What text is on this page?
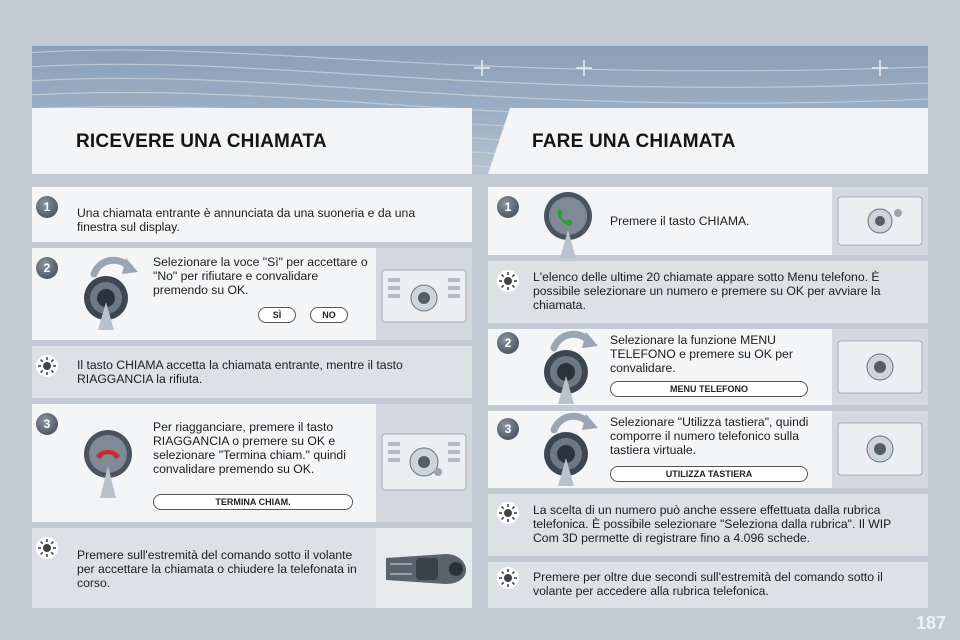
RICEVERE UNA CHIAMATA	FARE UNA CHIAMATA
1	Una chiamata entrante è annunciata da una suoneria e da una finestra sul display.
2	Selezionare la voce "Sì" per accettare o "No" per rifiutare e convalidare premendo su OK.
SÌ	NO
Il tasto CHIAMA accetta la chiamata entrante, mentre il tasto RIAGGANCIA la rifiuta.
3	Per riagganciare, premere il tasto RIAGGANCIA o premere su OK e selezionare "Termina chiam." quindi convalidare premendo su OK.
TERMINA CHIAM.
Premere sull'estremità del comando sotto il volante per accettare la chiamata o chiudere la telefonata in corso.
1
Premere il tasto CHIAMA.
L'elenco delle ultime 20 chiamate appare sotto Menu telefono. È possibile selezionare un numero e premere su OK per avviare la chiamata.
2	Selezionare la funzione MENU TELEFONO e premere su OK per convalidare.
MENU TELEFONO
3	Selezionare "Utilizza tastiera", quindi comporre il numero telefonico sulla tastiera virtuale.
UTILIZZA TASTIERA
La scelta di un numero può anche essere effettuata dalla rubrica telefonica. È possibile selezionare "Seleziona dalla rubrica". Il WIP Com 3D permette di registrare fino a 4.096 schede.
Premere per oltre due secondi sull'estremità del comando sotto il volante per accedere alla rubrica telefonica.
187
